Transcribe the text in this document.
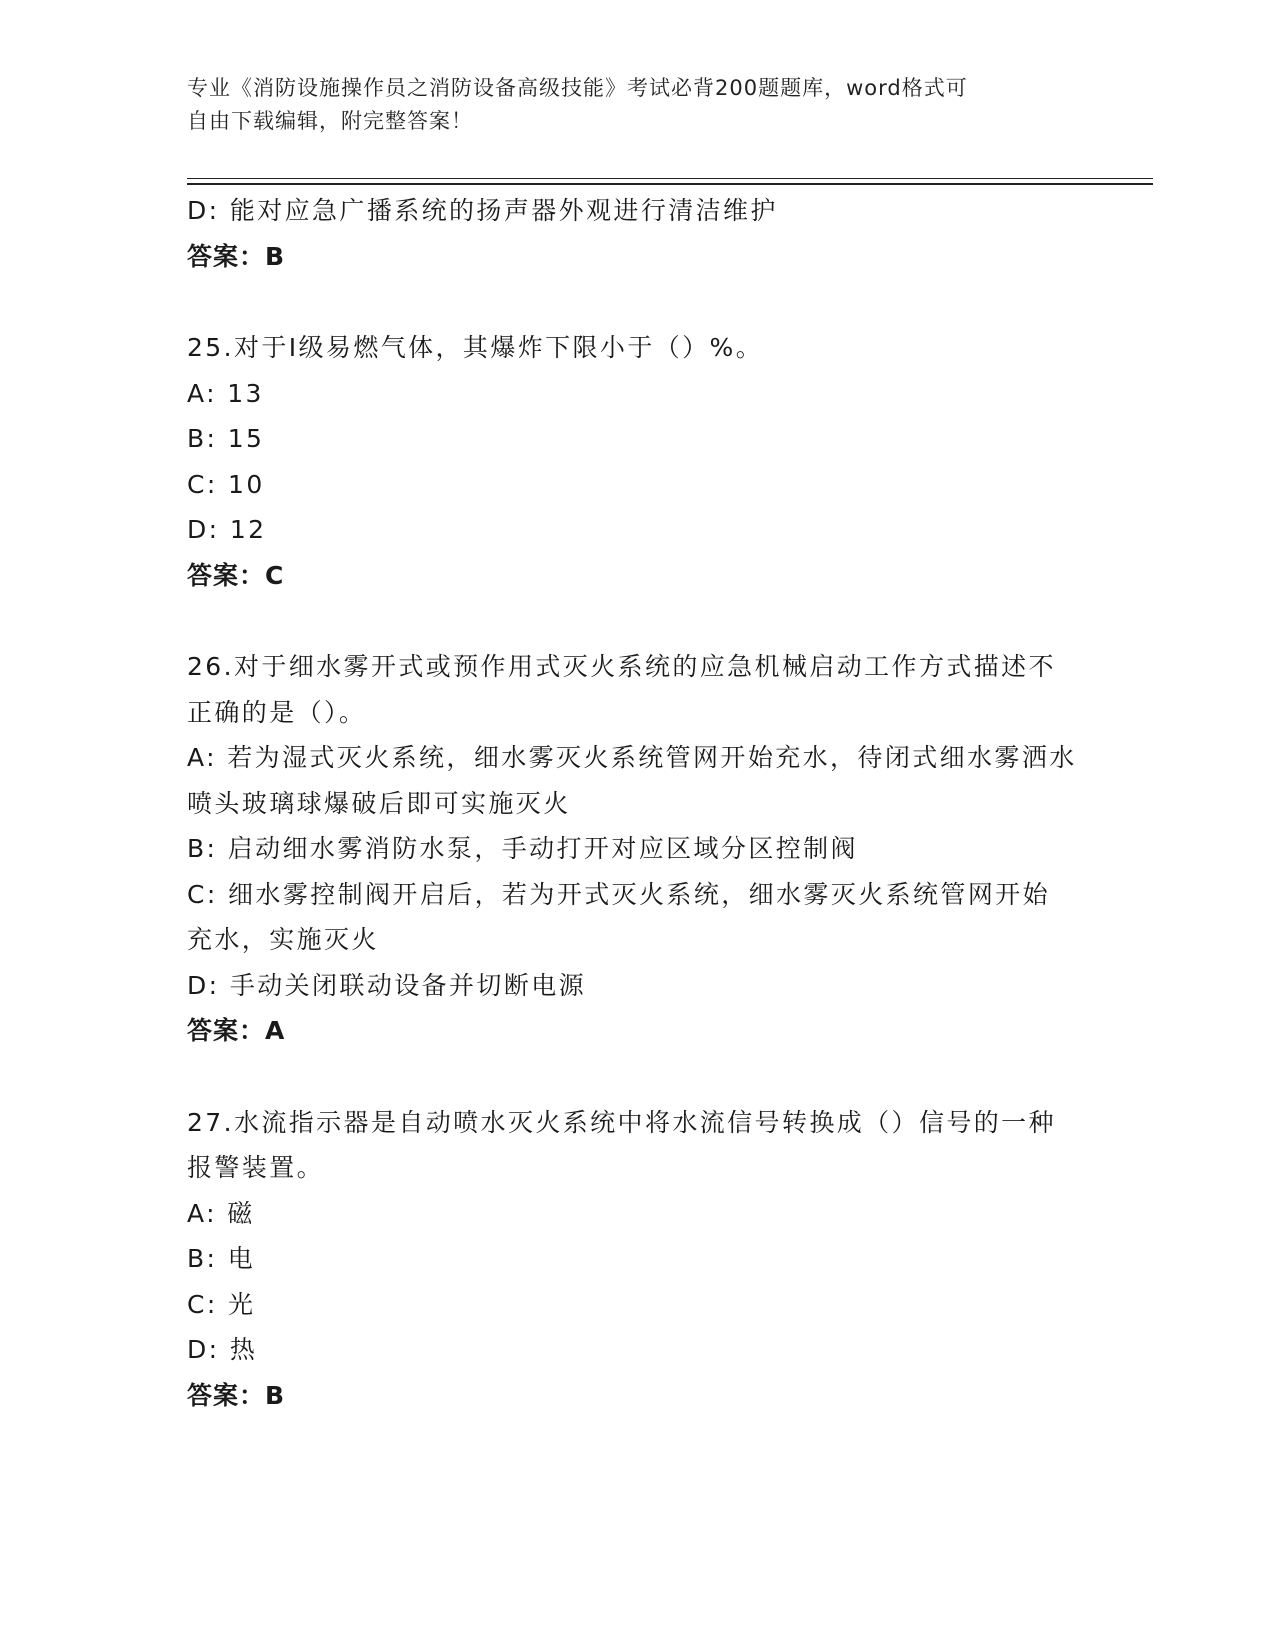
专业《消防设施操作员之消防设备高级技能》考试必背200题题库，word格式可
自由下载编辑，附完整答案！

D: 能对应急广播系统的扬声器外观进行清洁维护

答案：B

25.对于Ⅰ级易燃气体，其爆炸下限小于（）%。

A: 13

B: 15

C: 10

D: 12

答案：C

26.对于细水雾开式或预作用式灭火系统的应急机械启动工作方式描述不正确的是（）。

A: 若为湿式灭火系统，细水雾灭火系统管网开始充水，待闭式细水雾洒水喷头玻璃球爆破后即可实施灭火

B: 启动细水雾消防水泵，手动打开对应区域分区控制阀

C: 细水雾控制阀开启后，若为开式灭火系统，细水雾灭火系统管网开始充水，实施灭火

D: 手动关闭联动设备并切断电源

答案：A

27.水流指示器是自动喷水灭火系统中将水流信号转换成（）信号的一种报警装置。

A: 磁

B: 电

C: 光

D: 热

答案：B
